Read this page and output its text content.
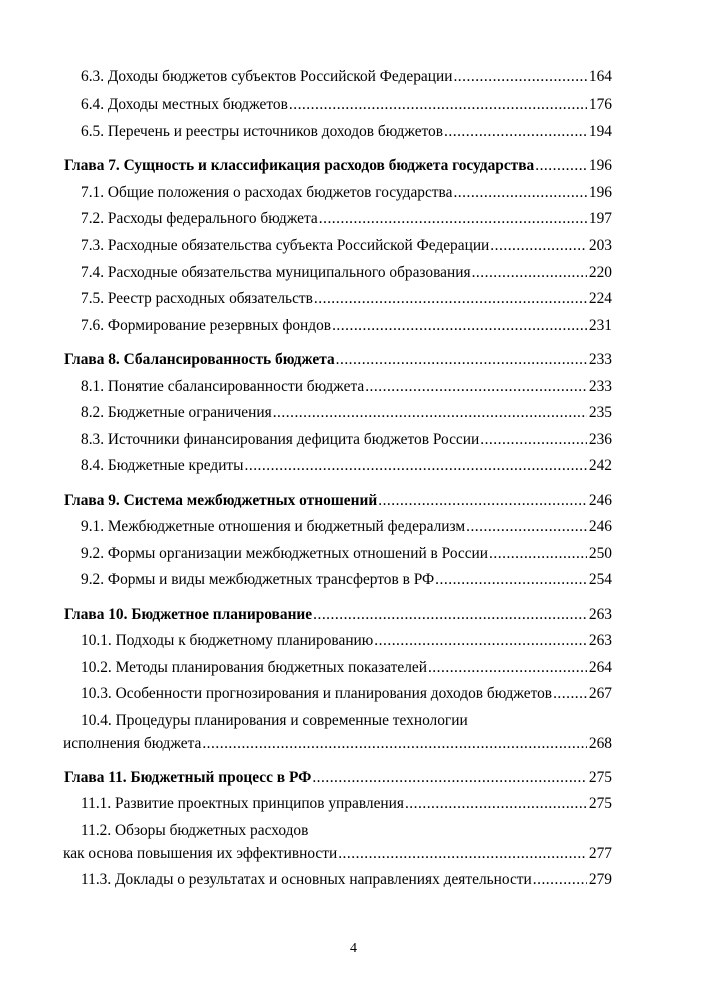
6.3. Доходы бюджетов субъектов Российской Федерации .....	164
6.4. Доходы местных бюджетов .....	176
6.5. Перечень и реестры источников доходов бюджетов .....	194
Глава 7. Сущность и классификация расходов бюджета государства .....	196
7.1. Общие положения о расходах бюджетов государства .....	196
7.2. Расходы федерального бюджета .....	197
7.3. Расходные обязательства субъекта Российской Федерации .....	203
7.4. Расходные обязательства муниципального образования .....	220
7.5. Реестр расходных обязательств .....	224
7.6. Формирование резервных фондов .....	231
Глава 8. Сбалансированность бюджета .....	233
8.1. Понятие сбалансированности бюджета .....	233
8.2. Бюджетные ограничения .....	235
8.3. Источники финансирования дефицита бюджетов России .....	236
8.4. Бюджетные кредиты .....	242
Глава 9. Система межбюджетных отношений .....	246
9.1. Межбюджетные отношения и бюджетный федерализм .....	246
9.2. Формы организации межбюджетных отношений в России .....	250
9.2. Формы и виды межбюджетных трансфертов в РФ .....	254
Глава 10. Бюджетное планирование .....	263
10.1. Подходы к бюджетному планированию .....	263
10.2. Методы планирования бюджетных показателей .....	264
10.3. Особенности прогнозирования и планирования доходов бюджетов ..... 267
10.4. Процедуры планирования и современные технологии
исполнения бюджета .....	268
Глава 11. Бюджетный процесс в РФ .....	275
11.1. Развитие проектных принципов управления .....	275
11.2. Обзоры бюджетных расходов
как основа повышения их эффективности .....	277
11.3. Доклады о результатах и основных направлениях деятельности .....	279
4
